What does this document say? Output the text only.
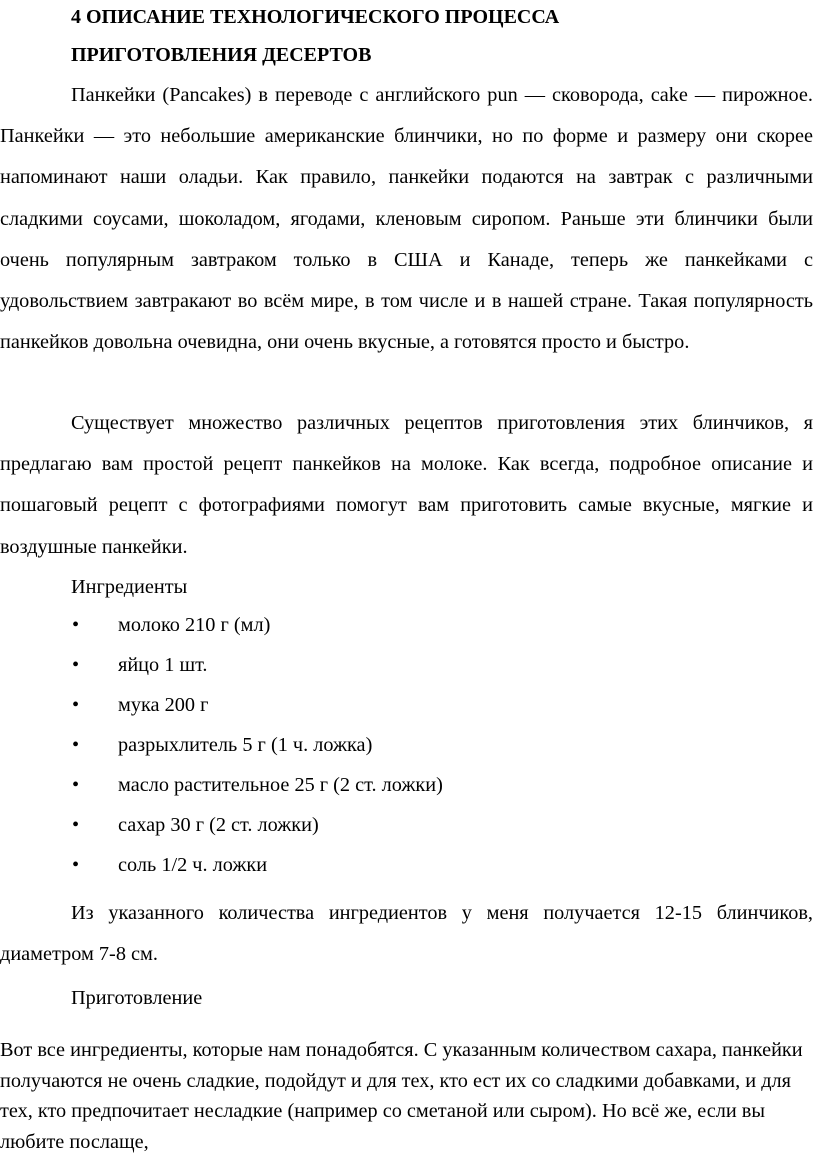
4 ОПИСАНИЕ ТЕХНОЛОГИЧЕСКОГО ПРОЦЕССА
ПРИГОТОВЛЕНИЯ ДЕСЕРТОВ

Панкейки (Pancakes) в переводе с английского pun — сковорода, cake — пирожное. Панкейки — это небольшие американские блинчики, но по форме и размеру они скорее напоминают наши оладьи. Как правило, панкейки подаются на завтрак с различными сладкими соусами, шоколадом, ягодами, кленовым сиропом. Раньше эти блинчики были очень популярным завтраком только в США и Канаде, теперь же панкейками с удовольствием завтракают во всём мире, в том числе и в нашей стране. Такая популярность панкейков довольна очевидна, они очень вкусные, а готовятся просто и быстро.

Существует множество различных рецептов приготовления этих блинчиков, я предлагаю вам простой рецепт панкейков на молоке. Как всегда, подробное описание и пошаговый рецепт с фотографиями помогут вам приготовить самые вкусные, мягкие и воздушные панкейки.

Ингредиенты
• молоко 210 г (мл)
• яйцо 1 шт.
• мука 200 г
• разрыхлитель 5 г (1 ч. ложка)
• масло растительное 25 г (2 ст. ложки)
• сахар 30 г (2 ст. ложки)
• соль 1/2 ч. ложки

Из указанного количества ингредиентов у меня получается 12-15 блинчиков, диаметром 7-8 см.

Приготовление

Вот все ингредиенты, которые нам понадобятся. С указанным количеством сахара, панкейки получаются не очень сладкие, подойдут и для тех, кто ест их со сладкими добавками, и для тех, кто предпочитает несладкие (например со сметаной или сыром). Но всё же, если вы любите послаще,
